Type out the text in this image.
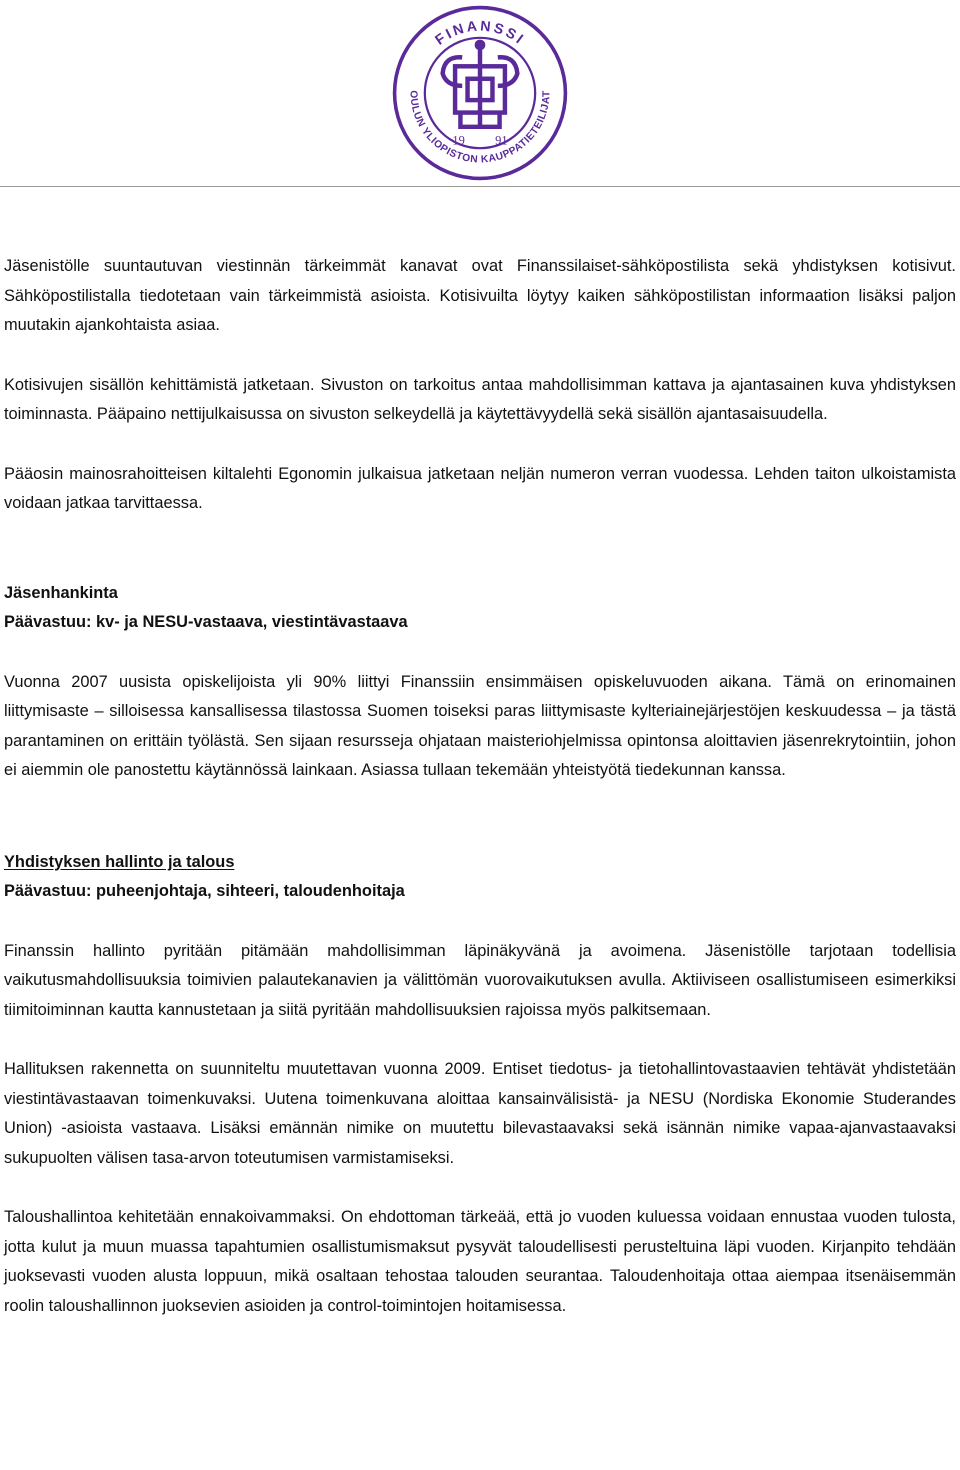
FINANSSI
OULUN YLIOPISTON KAUPPATIETEILIJAT
19 91

Jäsenistölle suuntautuvan viestinnän tärkeimmät kanavat ovat Finanssilaiset-sähköpostilista sekä yhdistyksen kotisivut. Sähköpostilistalla tiedotetaan vain tärkeimmistä asioista. Kotisivuilta löytyy kaiken sähköpostilistan informaation lisäksi paljon muutakin ajankohtaista asiaa.

Kotisivujen sisällön kehittämistä jatketaan. Sivuston on tarkoitus antaa mahdollisimman kattava ja ajantasainen kuva yhdistyksen toiminnasta. Pääpaino nettijulkaisussa on sivuston selkeydellä ja käytettävyydellä sekä sisällön ajantasaisuudella.

Pääosin mainosrahoitteisen kiltalehti Egonomin julkaisua jatketaan neljän numeron verran vuodessa. Lehden taiton ulkoistamista voidaan jatkaa tarvittaessa.

Jäsenhankinta

Päävastuu: kv- ja NESU-vastaava, viestintävastaava

Vuonna 2007 uusista opiskelijoista yli 90% liittyi Finanssiin ensimmäisen opiskeluvuoden aikana. Tämä on erinomainen liittymisaste – silloisessa kansallisessa tilastossa Suomen toiseksi paras liittymisaste kylteriainejärjestöjen keskuudessa – ja tästä parantaminen on erittäin työlästä. Sen sijaan resursseja ohjataan maisteriohjelmissa opintonsa aloittavien jäsenrekrytointiin, johon ei aiemmin ole panostettu käytännössä lainkaan. Asiassa tullaan tekemään yhteistyötä tiedekunnan kanssa.

Yhdistyksen hallinto ja talous

Päävastuu: puheenjohtaja, sihteeri, taloudenhoitaja

Finanssin hallinto pyritään pitämään mahdollisimman läpinäkyvänä ja avoimena. Jäsenistölle tarjotaan todellisia vaikutusmahdollisuuksia toimivien palautekanavien ja välittömän vuorovaikutuksen avulla. Aktiiviseen osallistumiseen esimerkiksi tiimitoiminnan kautta kannustetaan ja siitä pyritään mahdollisuuksien rajoissa myös palkitsemaan.

Hallituksen rakennetta on suunniteltu muutettavan vuonna 2009. Entiset tiedotus- ja tietohallintovastaavien tehtävät yhdistetään viestintävastaavan toimenkuvaksi. Uutena toimenkuvana aloittaa kansainvälisistä- ja NESU (Nordiska Ekonomie Studerandes Union) -asioista vastaava. Lisäksi emännän nimike on muutettu bilevastaavaksi sekä isännän nimike vapaa-ajanvastaavaksi sukupuolten välisen tasa-arvon toteutumisen varmistamiseksi.

Taloushallintoa kehitetään ennakoivammaksi. On ehdottoman tärkeää, että jo vuoden kuluessa voidaan ennustaa vuoden tulosta, jotta kulut ja muun muassa tapahtumien osallistumismaksut pysyvät taloudellisesti perusteltuina läpi vuoden. Kirjanpito tehdään juoksevasti vuoden alusta loppuun, mikä osaltaan tehostaa talouden seurantaa. Taloudenhoitaja ottaa aiempaa itsenäisemmän roolin taloushallinnon juoksevien asioiden ja control-toimintojen hoitamisessa.
